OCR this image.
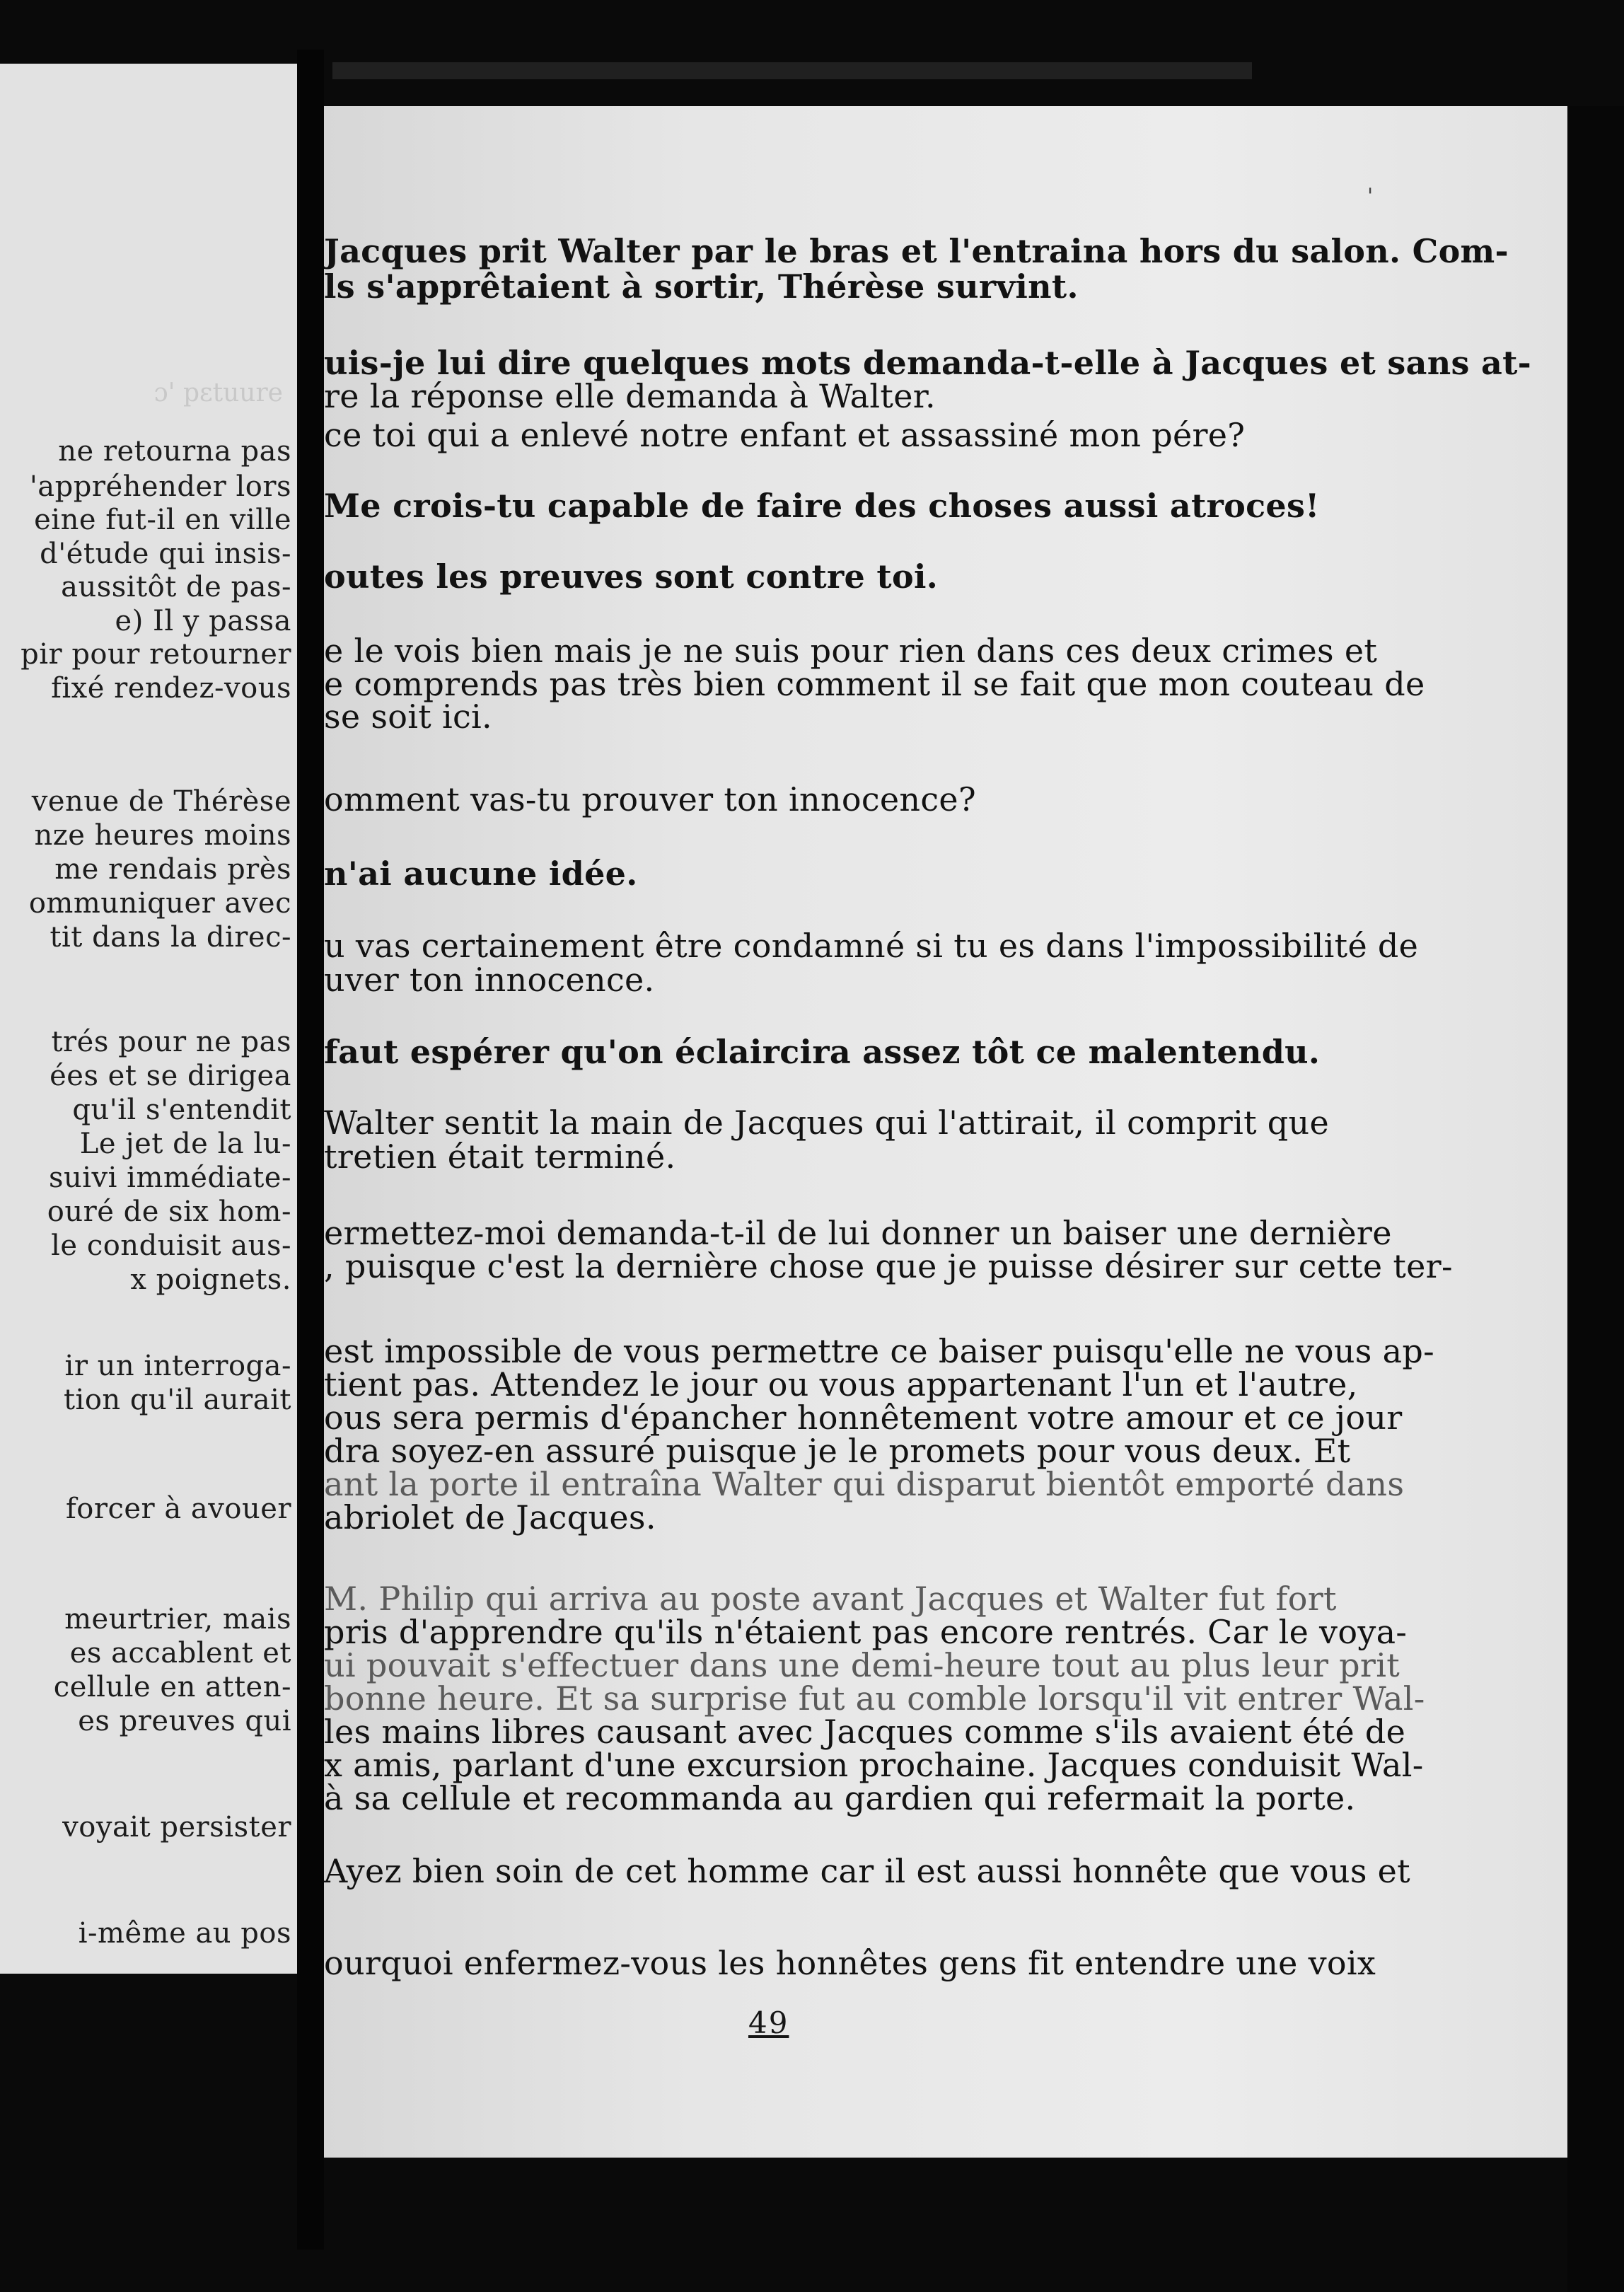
ɔ' pɛtuure
ne retourna pas
'appréhender lors
eine fut-il en ville
d'étude qui insis-
aussitôt de pas-
e) Il y passa
pir pour retourner
fixé rendez-vous
venue de Thérèse
nze heures moins
me rendais près
ommuniquer avec
tit dans la direc-
trés pour ne pas
ées et se dirigea
qu'il s'entendit
Le jet de la lu-
suivi immédiate-
ouré de six hom-
le conduisit aus-
x poignets.
ir un interroga-
tion qu'il aurait
forcer à avouer
meurtrier, mais
es accablent et
cellule en atten-
es preuves qui
voyait persister
i-même au pos
'
Jacques prit Walter par le bras et l'entraina hors du salon. Com-
ls s'apprêtaient à sortir, Thérèse survint.
uis-je lui dire quelques mots demanda-t-elle à Jacques et sans at-
re la réponse elle demanda à Walter.
ce toi qui a enlevé notre enfant et assassiné mon pére?
Me crois-tu capable de faire des choses aussi atroces!
outes les preuves sont contre toi.
e le vois bien mais je ne suis pour rien dans ces deux crimes et
e comprends pas très bien comment il se fait que mon couteau de
se soit ici.
omment vas-tu prouver ton innocence?
n'ai aucune idée.
u vas certainement être condamné si tu es dans l'impossibilité de
uver ton innocence.
faut espérer qu'on éclaircira assez tôt ce malentendu.
Walter sentit la main de Jacques qui l'attirait, il comprit que
tretien était terminé.
ermettez-moi demanda-t-il de lui donner un baiser une dernière
, puisque c'est la dernière chose que je puisse désirer sur cette ter-
est impossible de vous permettre ce baiser puisqu'elle ne vous ap-
tient pas. Attendez le jour ou vous appartenant l'un et l'autre,
ous sera permis d'épancher honnêtement votre amour et ce jour
dra soyez-en assuré puisque je le promets pour vous deux. Et
ant la porte il entraîna Walter qui disparut bientôt emporté dans
abriolet de Jacques.
M. Philip qui arriva au poste avant Jacques et Walter fut fort
pris d'apprendre qu'ils n'étaient pas encore rentrés. Car le voya-
ui pouvait s'effectuer dans une demi-heure tout au plus leur prit
bonne heure. Et sa surprise fut au comble lorsqu'il vit entrer Wal-
les mains libres causant avec Jacques comme s'ils avaient été de
x amis, parlant d'une excursion prochaine. Jacques conduisit Wal-
à sa cellule et recommanda au gardien qui refermait la porte.
Ayez bien soin de cet homme car il est aussi honnête que vous et
ourquoi enfermez-vous les honnêtes gens fit entendre une voix
49
